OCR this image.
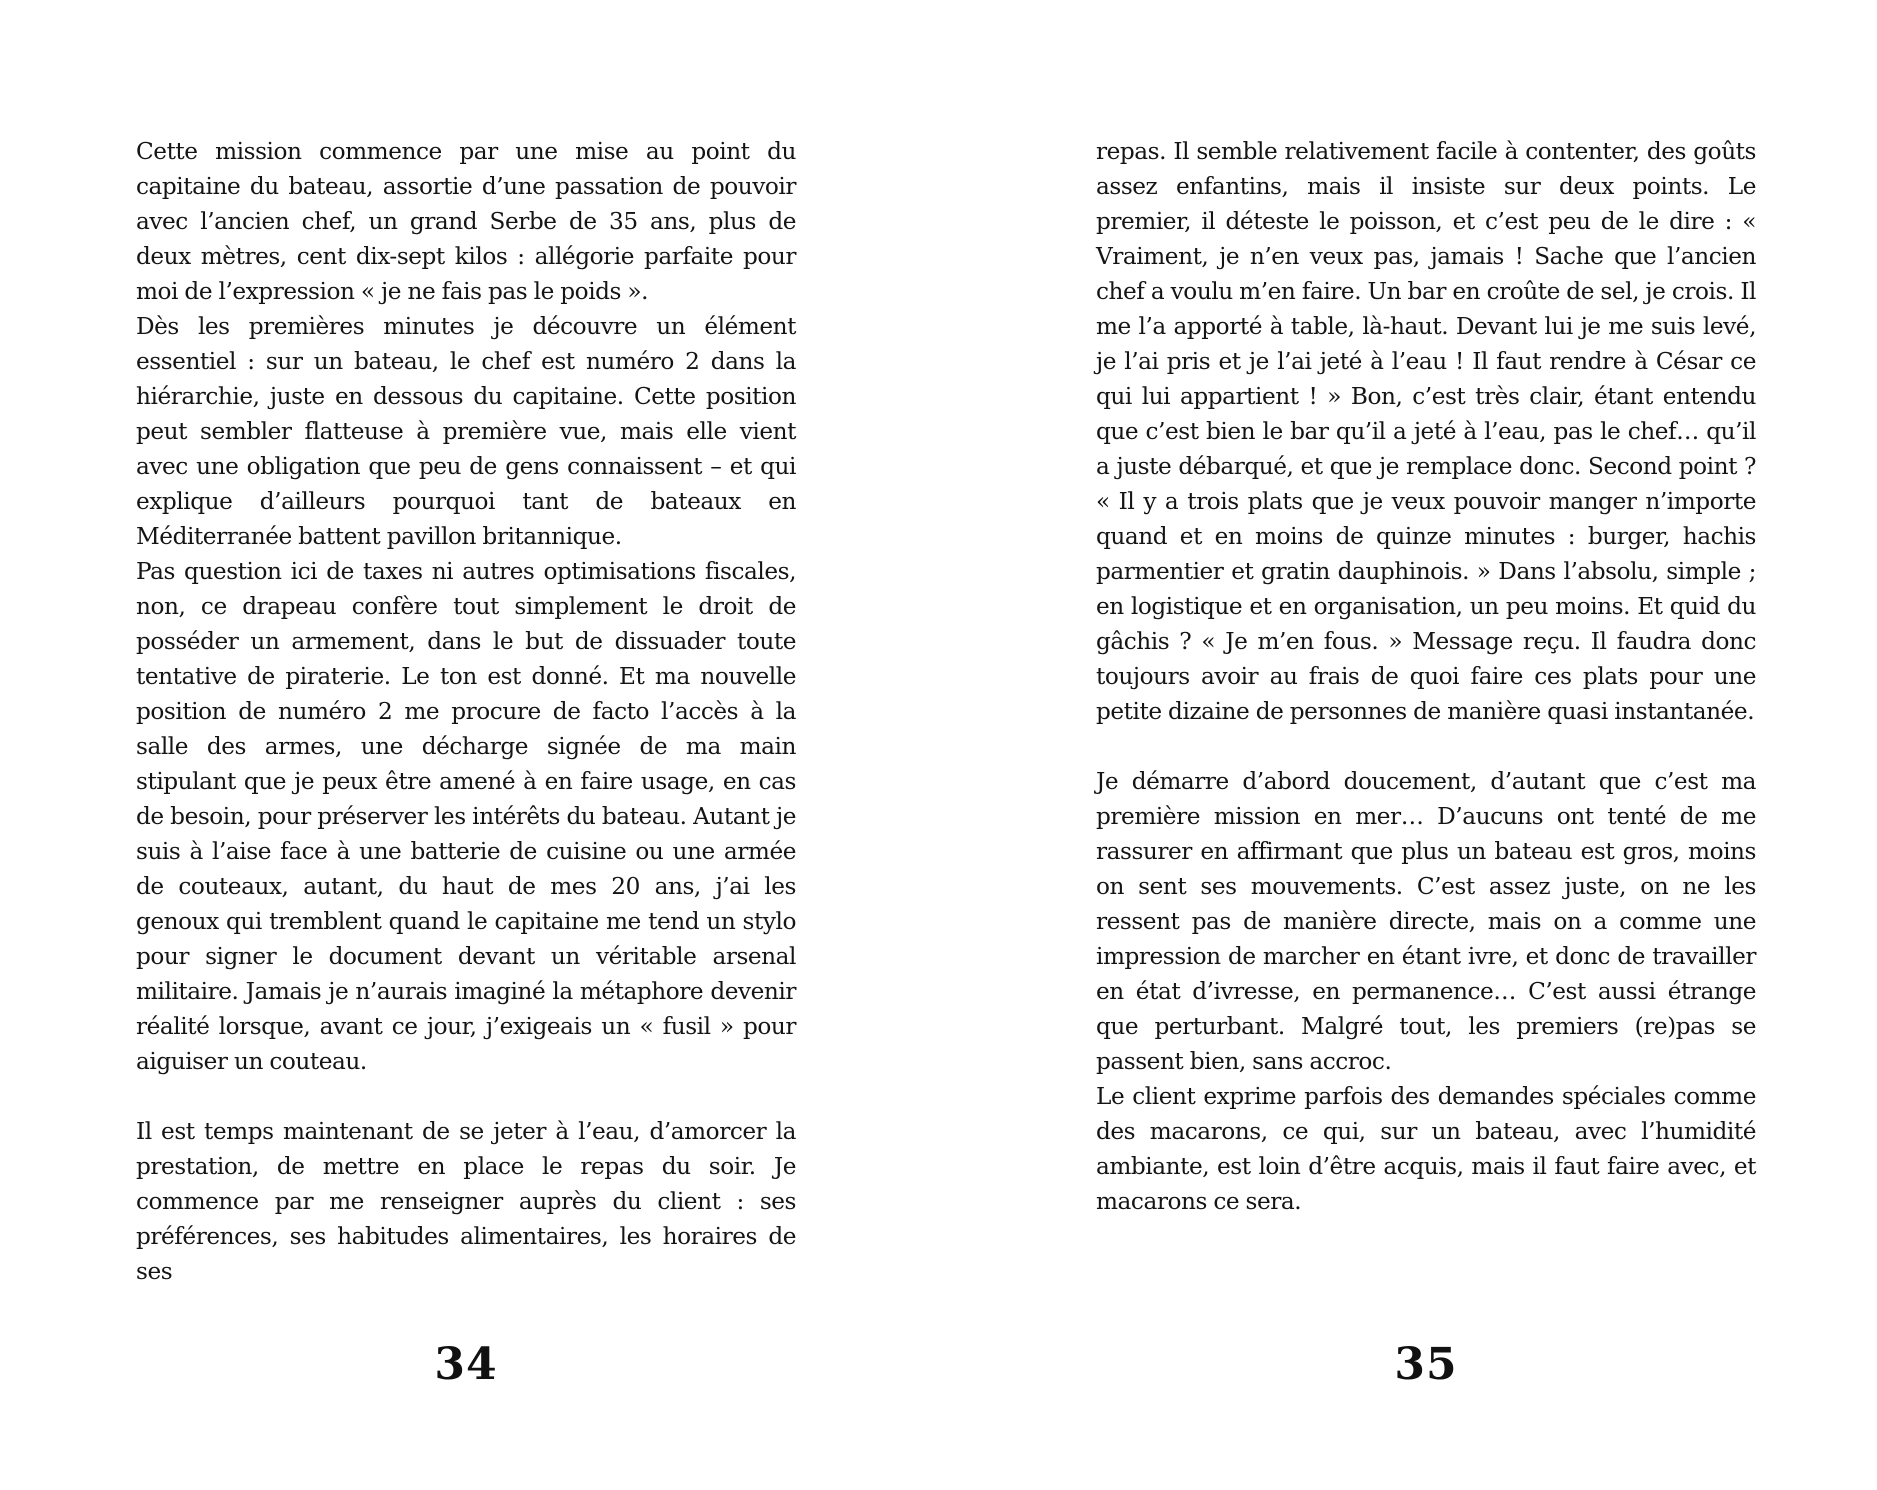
Cette mission commence par une mise au point du capitaine du bateau, assortie d’une passation de pouvoir avec l’ancien chef, un grand Serbe de 35 ans, plus de deux mètres, cent dix-sept kilos : allégorie parfaite pour moi de l’expression « je ne fais pas le poids ».

Dès les premières minutes je découvre un élément essentiel : sur un bateau, le chef est numéro 2 dans la hiérarchie, juste en dessous du capitaine. Cette position peut sembler flatteuse à première vue, mais elle vient avec une obligation que peu de gens connaissent – et qui explique d’ailleurs pourquoi tant de bateaux en Méditerranée battent pavillon britannique.

Pas question ici de taxes ni autres optimisations fiscales, non, ce drapeau confère tout simplement le droit de posséder un armement, dans le but de dissuader toute tentative de piraterie. Le ton est donné. Et ma nouvelle position de numéro 2 me procure de facto l’accès à la salle des armes, une décharge signée de ma main stipulant que je peux être amené à en faire usage, en cas de besoin, pour préserver les intérêts du bateau. Autant je suis à l’aise face à une batterie de cuisine ou une armée de couteaux, autant, du haut de mes 20 ans, j’ai les genoux qui tremblent quand le capitaine me tend un stylo pour signer le document devant un véritable arsenal militaire. Jamais je n’aurais imaginé la métaphore devenir réalité lorsque, avant ce jour, j’exigeais un « fusil » pour aiguiser un couteau.

Il est temps maintenant de se jeter à l’eau, d’amorcer la prestation, de mettre en place le repas du soir. Je commence par me renseigner auprès du client : ses préférences, ses habitudes alimentaires, les horaires de ses

repas. Il semble relativement facile à contenter, des goûts assez enfantins, mais il insiste sur deux points. Le premier, il déteste le poisson, et c’est peu de le dire : « Vraiment, je n’en veux pas, jamais ! Sache que l’ancien chef a voulu m’en faire. Un bar en croûte de sel, je crois. Il me l’a apporté à table, là-haut. Devant lui je me suis levé, je l’ai pris et je l’ai jeté à l’eau ! Il faut rendre à César ce qui lui appartient ! » Bon, c’est très clair, étant entendu que c’est bien le bar qu’il a jeté à l’eau, pas le chef… qu’il a juste débarqué, et que je remplace donc. Second point ? « Il y a trois plats que je veux pouvoir manger n’importe quand et en moins de quinze minutes : burger, hachis parmentier et gratin dauphinois. » Dans l’absolu, simple ; en logistique et en organisation, un peu moins. Et quid du gâchis ? « Je m’en fous. » Message reçu. Il faudra donc toujours avoir au frais de quoi faire ces plats pour une petite dizaine de personnes de manière quasi instantanée.

Je démarre d’abord doucement, d’autant que c’est ma première mission en mer… D’aucuns ont tenté de me rassurer en affirmant que plus un bateau est gros, moins on sent ses mouvements. C’est assez juste, on ne les ressent pas de manière directe, mais on a comme une impression de marcher en étant ivre, et donc de travailler en état d’ivresse, en permanence… C’est aussi étrange que perturbant. Malgré tout, les premiers (re)pas se passent bien, sans accroc.

Le client exprime parfois des demandes spéciales comme des macarons, ce qui, sur un bateau, avec l’humidité ambiante, est loin d’être acquis, mais il faut faire avec, et macarons ce sera.

34	35
